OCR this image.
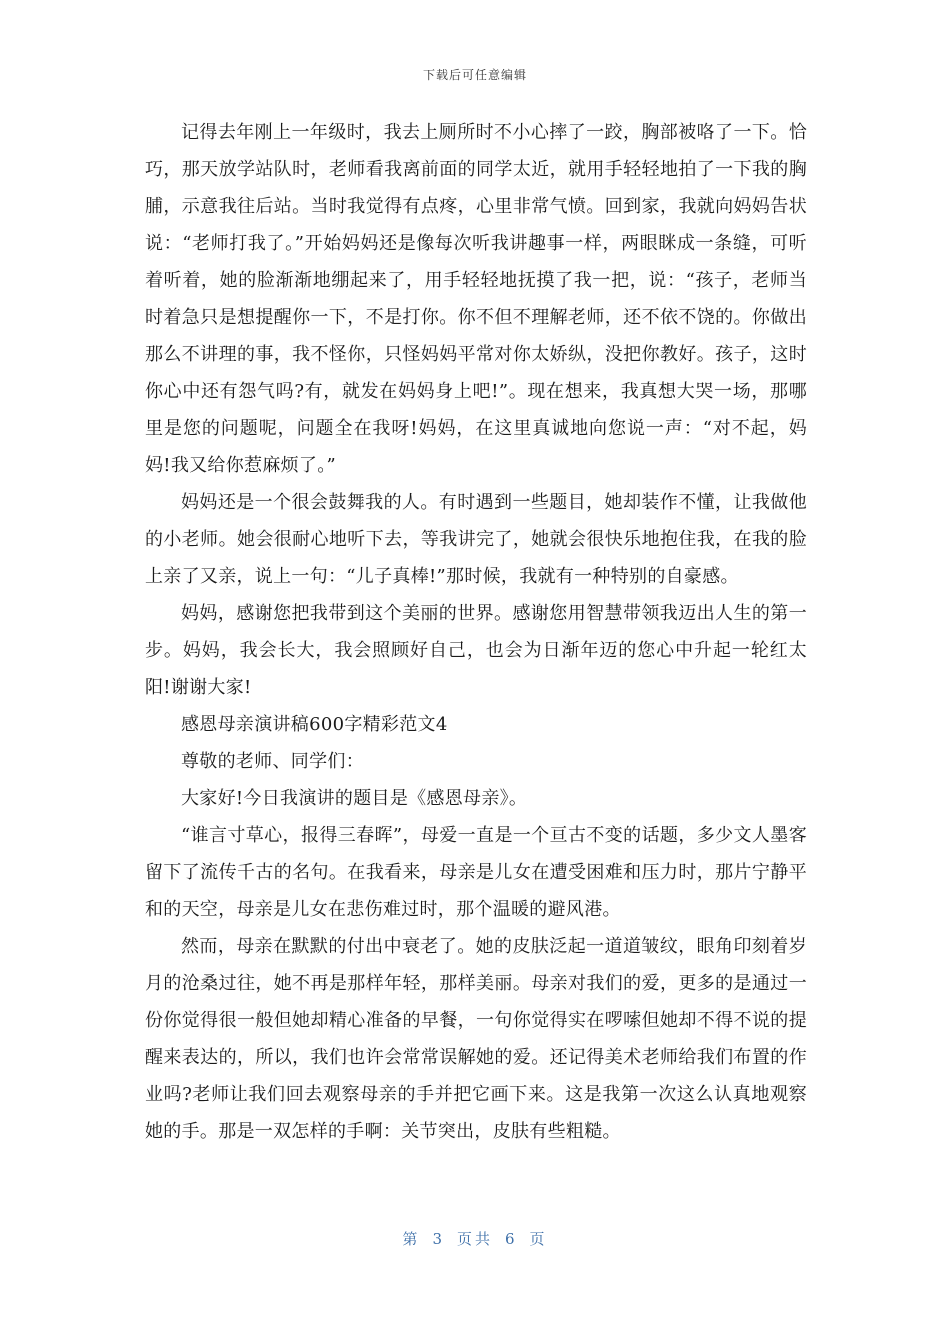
下载后可任意编辑

记得去年刚上一年级时，我去上厕所时不小心摔了一跤，胸部被咯了一下。恰巧，那天放学站队时，老师看我离前面的同学太近，就用手轻轻地拍了一下我的胸脯，示意我往后站。当时我觉得有点疼，心里非常气愤。回到家，我就向妈妈告状说：“老师打我了。”开始妈妈还是像每次听我讲趣事一样，两眼眯成一条缝，可听着听着，她的脸渐渐地绷起来了，用手轻轻地抚摸了我一把，说：“孩子，老师当时着急只是想提醒你一下，不是打你。你不但不理解老师，还不依不饶的。你做出那么不讲理的事，我不怪你，只怪妈妈平常对你太娇纵，没把你教好。孩子，这时你心中还有怨气吗?有，就发在妈妈身上吧!”。现在想来，我真想大哭一场，那哪里是您的问题呢，问题全在我呀!妈妈，在这里真诚地向您说一声：“对不起，妈妈!我又给你惹麻烦了。”

妈妈还是一个很会鼓舞我的人。有时遇到一些题目，她却装作不懂，让我做他的小老师。她会很耐心地听下去，等我讲完了，她就会很快乐地抱住我，在我的脸上亲了又亲，说上一句：“儿子真棒!”那时候，我就有一种特别的自豪感。

妈妈，感谢您把我带到这个美丽的世界。感谢您用智慧带领我迈出人生的第一步。妈妈，我会长大，我会照顾好自己，也会为日渐年迈的您心中升起一轮红太阳!谢谢大家!

感恩母亲演讲稿600字精彩范文4

尊敬的老师、同学们：

大家好!今日我演讲的题目是《感恩母亲》。

“谁言寸草心，报得三春晖”，母爱一直是一个亘古不变的话题，多少文人墨客留下了流传千古的名句。在我看来，母亲是儿女在遭受困难和压力时，那片宁静平和的天空，母亲是儿女在悲伤难过时，那个温暖的避风港。

然而，母亲在默默的付出中衰老了。她的皮肤泛起一道道皱纹，眼角印刻着岁月的沧桑过往，她不再是那样年轻，那样美丽。母亲对我们的爱，更多的是通过一份你觉得很一般但她却精心准备的早餐，一句你觉得实在啰嗦但她却不得不说的提醒来表达的，所以，我们也许会常常误解她的爱。还记得美术老师给我们布置的作业吗?老师让我们回去观察母亲的手并把它画下来。这是我第一次这么认真地观察她的手。那是一双怎样的手啊：关节突出，皮肤有些粗糙。

第 3 页共 6 页
